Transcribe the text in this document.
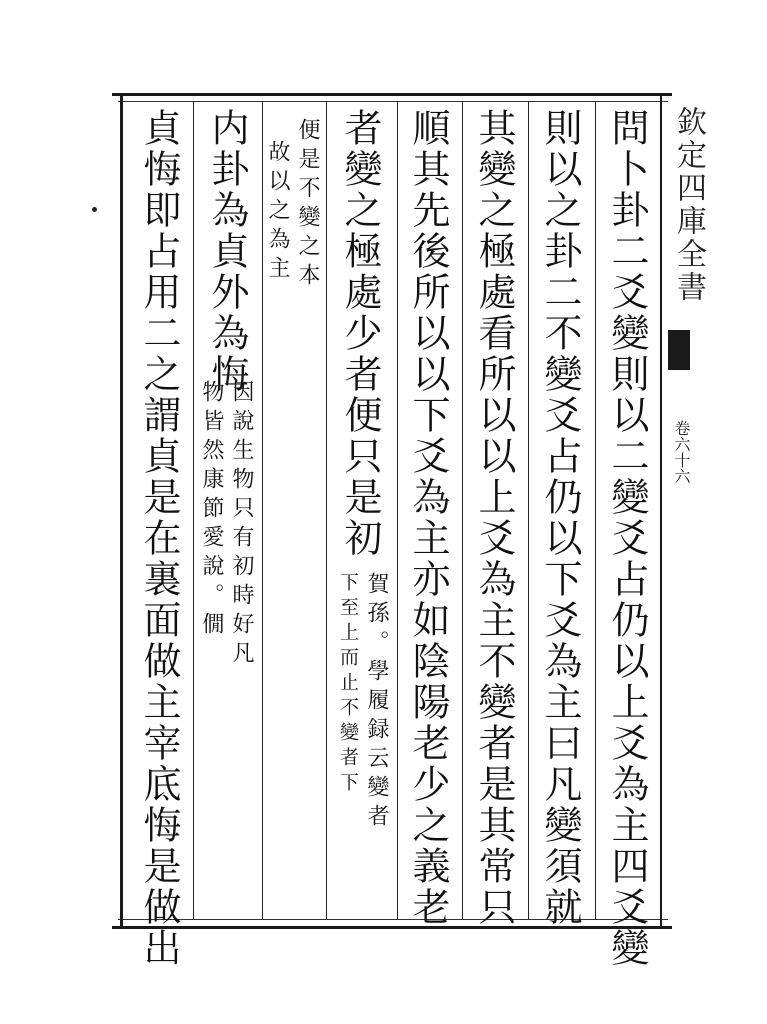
欽定四庫全書
卷六十六
問卜卦二爻變則以二變爻占仍以上爻為主四爻變
則以之卦二不變爻占仍以下爻為主曰凡變須就
其變之極處看所以以上爻為主不變者是其常只
順其先後所以以下爻為主亦如陰陽老少之義老
者變之極處少者便只是初
賀孫。學履録云變者
下至上而止不變者下
便是不變之本
故以之為主
内卦為貞外為悔
因說生物只有初時好凡
物皆然康節愛說。僩
貞悔即占用二之謂貞是在裏面做主宰底悔是做出
